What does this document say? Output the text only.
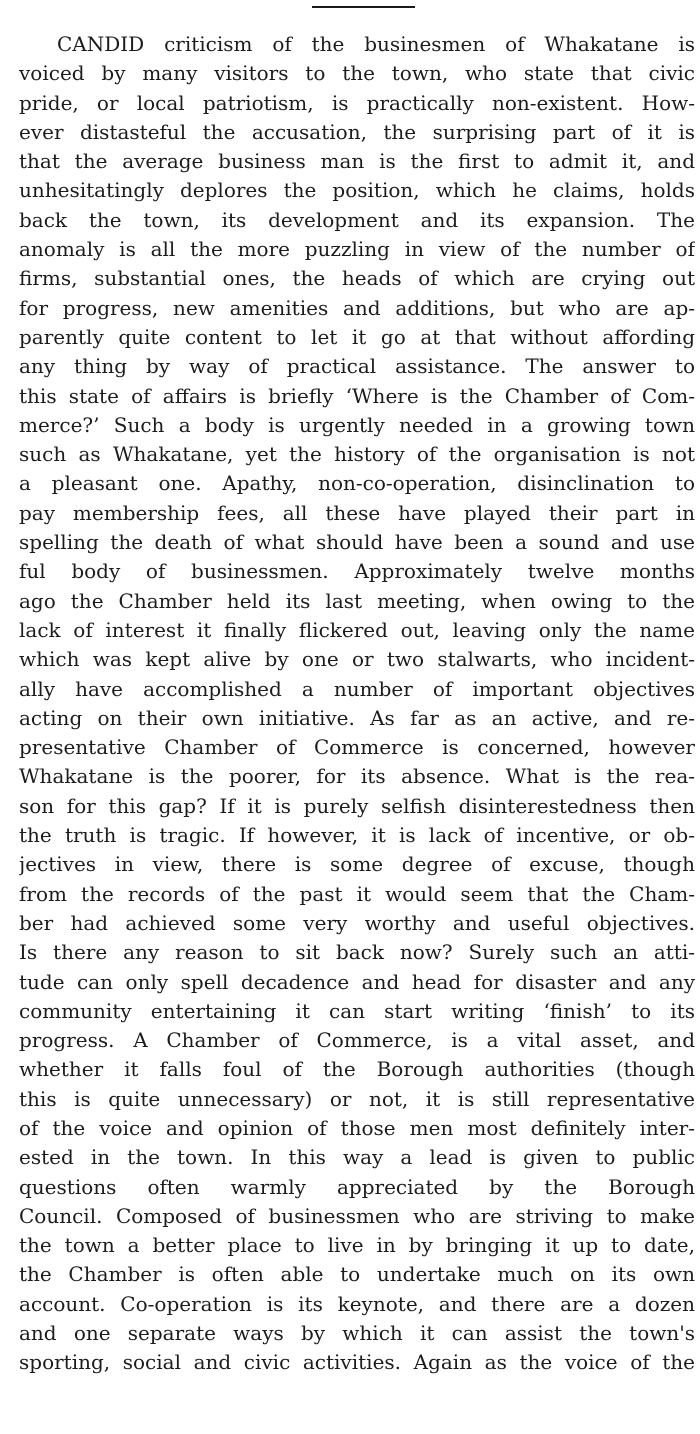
CANDID criticism of the businesmen of Whakatane is
voiced by many visitors to the town, who state that civic
pride, or local patriotism, is practically non-existent. How-
ever distasteful the accusation, the surprising part of it is
that the average business man is the first to admit it, and
unhesitatingly deplores the position, which he claims, holds
back the town, its development and its expansion. The
anomaly is all the more puzzling in view of the number of
firms, substantial ones, the heads of which are crying out
for progress, new amenities and additions, but who are ap-
parently quite content to let it go at that without affording
any thing by way of practical assistance. The answer to
this state of affairs is briefly ‘Where is the Chamber of Com-
merce?’ Such a body is urgently needed in a growing town
such as Whakatane, yet the history of the organisation is not
a pleasant one. Apathy, non-co-operation, disinclination to
pay membership fees, all these have played their part in
spelling the death of what should have been a sound and use
ful body of businessmen. Approximately twelve months
ago the Chamber held its last meeting, when owing to the
lack of interest it finally flickered out, leaving only the name
which was kept alive by one or two stalwarts, who incident-
ally have accomplished a number of important objectives
acting on their own initiative. As far as an active, and re-
presentative Chamber of Commerce is concerned, however
Whakatane is the poorer, for its absence. What is the rea-
son for this gap? If it is purely selfish disinterestedness then
the truth is tragic. If however, it is lack of incentive, or ob-
jectives in view, there is some degree of excuse, though
from the records of the past it would seem that the Cham-
ber had achieved some very worthy and useful objectives.
Is there any reason to sit back now? Surely such an atti-
tude can only spell decadence and head for disaster and any
community entertaining it can start writing ‘finish’ to its
progress. A Chamber of Commerce, is a vital asset, and
whether it falls foul of the Borough authorities (though
this is quite unnecessary) or not, it is still representative
of the voice and opinion of those men most definitely inter-
ested in the town. In this way a lead is given to public
questions often warmly appreciated by the Borough
Council. Composed of businessmen who are striving to make
the town a better place to live in by bringing it up to date,
the Chamber is often able to undertake much on its own
account. Co-operation is its keynote, and there are a dozen
and one separate ways by which it can assist the town's
sporting, social and civic activities. Again as the voice of the
